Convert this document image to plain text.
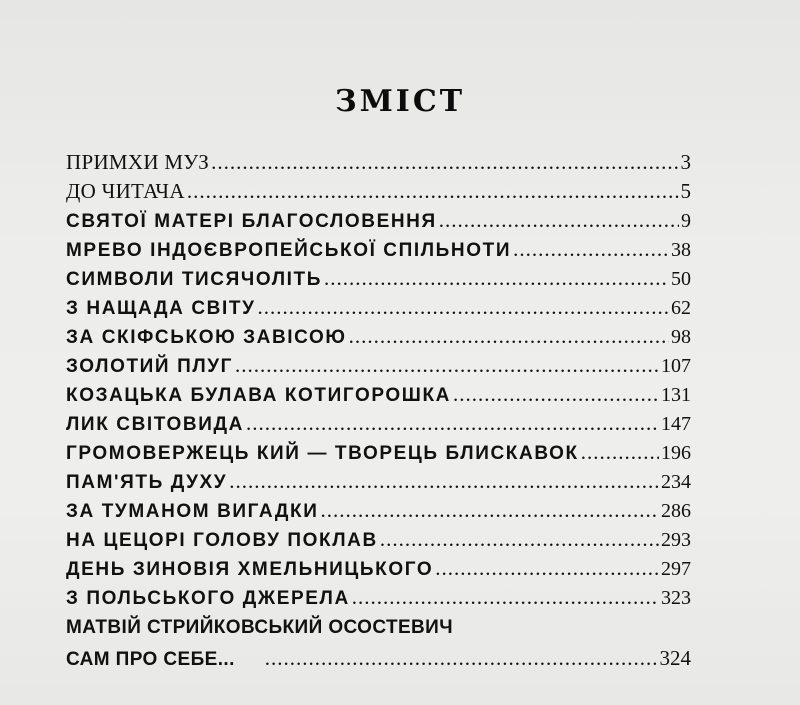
ЗМІСТ
ПРИМХИ МУЗ .....	3
ДО ЧИТАЧА .....	5
СВЯТОЇ МАТЕРІ БЛАГОСЛОВЕННЯ .....	9
МРЕВО ІНДОЄВРОПЕЙСЬКОЇ СПІЛЬНОТИ .....	38
СИМВОЛИ ТИСЯЧОЛІТЬ .....	50
З НАЩАДА СВІТУ .....	62
ЗА СКІФСЬКОЮ ЗАВІСОЮ .....	98
ЗОЛОТИЙ ПЛУГ .....	107
КОЗАЦЬКА БУЛАВА КОТИГОРОШКА .....	131
ЛИК СВІТОВИДА .....	147
ГРОМОВЕРЖЕЦЬ КИЙ — ТВОРЕЦЬ БЛИСКАВОК .....	196
ПАМ'ЯТЬ ДУХУ .....	234
ЗА ТУМАНОМ ВИГАДКИ .....	286
НА ЦЕЦОРІ ГОЛОВУ ПОКЛАВ .....	293
ДЕНЬ ЗИНОВІЯ ХМЕЛЬНИЦЬКОГО .....	297
З ПОЛЬСЬКОГО ДЖЕРЕЛА .....	323
МАТВІЙ СТРИЙКОВСЬКИЙ ОСОСТЕВИЧ
САМ ПРО СЕБЕ... .....	324
